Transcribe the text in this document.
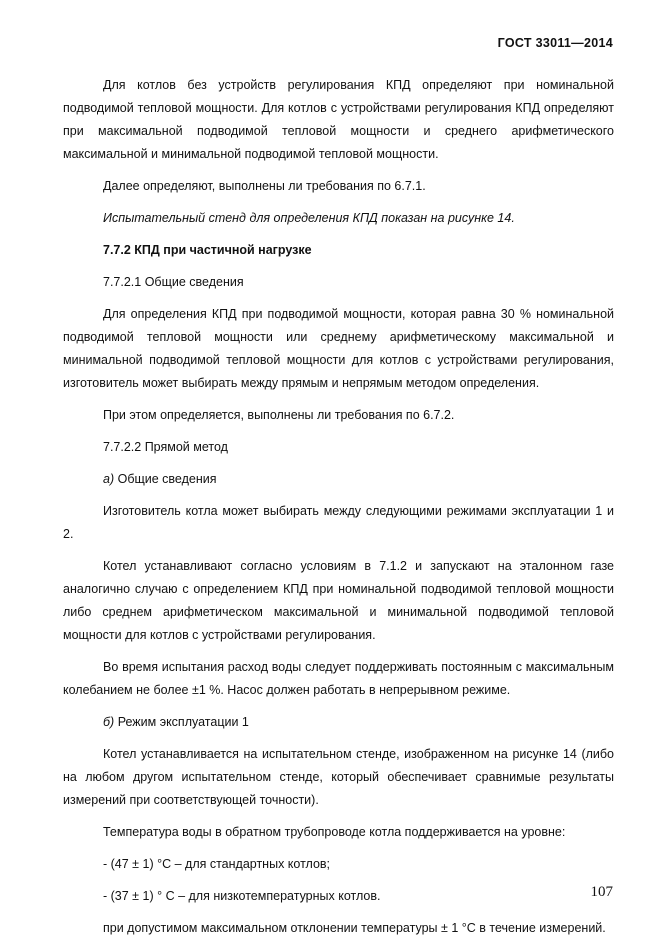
ГОСТ 33011—2014

Для котлов без устройств регулирования КПД определяют при номинальной подводимой тепловой мощности. Для котлов с устройствами регулирования КПД определяют при максимальной подводимой тепловой мощности и среднего арифметического максимальной и минимальной подводимой тепловой мощности.

Далее определяют, выполнены ли требования по 6.7.1.

Испытательный стенд для определения КПД показан на рисунке 14.

7.7.2 КПД при частичной нагрузке

7.7.2.1 Общие сведения

Для определения КПД при подводимой мощности, которая равна 30 % номинальной подводимой тепловой мощности или среднему арифметическому максимальной и минимальной подводимой тепловой мощности для котлов с устройствами регулирования, изготовитель может выбирать между прямым и непрямым методом определения.

При этом определяется, выполнены ли требования по 6.7.2.

7.7.2.2 Прямой метод

а) Общие сведения

Изготовитель котла может выбирать между следующими режимами эксплуатации 1 и 2.

Котел устанавливают согласно условиям в 7.1.2 и запускают на эталонном газе аналогично случаю с определением КПД при номинальной подводимой тепловой мощности либо среднем арифметическом максимальной и минимальной подводимой тепловой мощности для котлов с устройствами регулирования.

Во время испытания расход воды следует поддерживать постоянным с максимальным колебанием не более ±1 %. Насос должен работать в непрерывном режиме.

б) Режим эксплуатации 1

Котел устанавливается на испытательном стенде, изображенном на рисунке 14 (либо на любом другом испытательном стенде, который обеспечивает сравнимые результаты измерений при соответствующей точности).

Температура воды в обратном трубопроводе котла поддерживается на уровне:

- (47 ± 1) °С – для стандартных котлов;

- (37 ± 1) ° С – для низкотемпературных котлов.

при допустимом максимальном отклонении температуры ± 1 °С в течение измерений.

107
